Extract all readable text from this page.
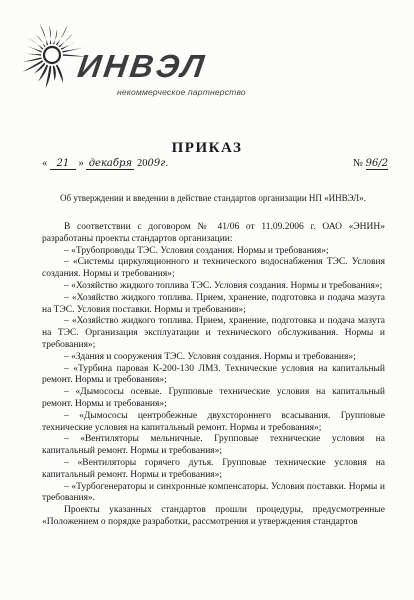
ИНВЭЛ
некоммерческое партнерство
ПРИКАЗ
« 21 » декабря 2009г.	№ 96/2
Об утверждении и введении в действие стандартов организации НП «ИНВЭЛ».

В соответствии с договором № 41/06 от 11.09.2006 г. ОАО «ЭНИН» разработаны проекты стандартов организации:

– «Трубопроводы ТЭС. Условия создания. Нормы и требования»;

– «Системы циркуляционного и технического водоснабжения ТЭС. Условия создания. Нормы и требования»;

– «Хозяйство жидкого топлива ТЭС. Условия создания. Нормы и требования»;

– «Хозяйство жидкого топлива. Прием, хранение, подготовка и подача мазута на ТЭС. Условия поставки. Нормы и требования»;

– «Хозяйство жидкого топлива. Прием, хранение, подготовка и подача мазута на ТЭС. Организация эксплуатации и технического обслуживания. Нормы и требования»;

– «Здания и сооружения ТЭС. Условия создания. Нормы и требования»;

– «Турбина паровая К-200-130 ЛМЗ. Технические условия на капитальный ремонт. Нормы и требования»;

– «Дымососы осевые. Групповые технические условия на капитальный ремонт. Нормы и требования»;

– «Дымососы центробежные двухстороннего всасывания. Групповые технические условия на капитальный ремонт. Нормы и требования»;

– «Вентиляторы мельничные. Групповые технические условия на капитальный ремонт. Нормы и требования»;

– «Вентиляторы горячего дутья. Групповые технические условия на капитальный ремонт. Нормы и требования»;

– «Турбогенераторы и синхронные компенсаторы. Условия поставки. Нормы и требования».

Проекты указанных стандартов прошли процедуры, предусмотренные «Положением о порядке разработки, рассмотрения и утверждения стандартов
